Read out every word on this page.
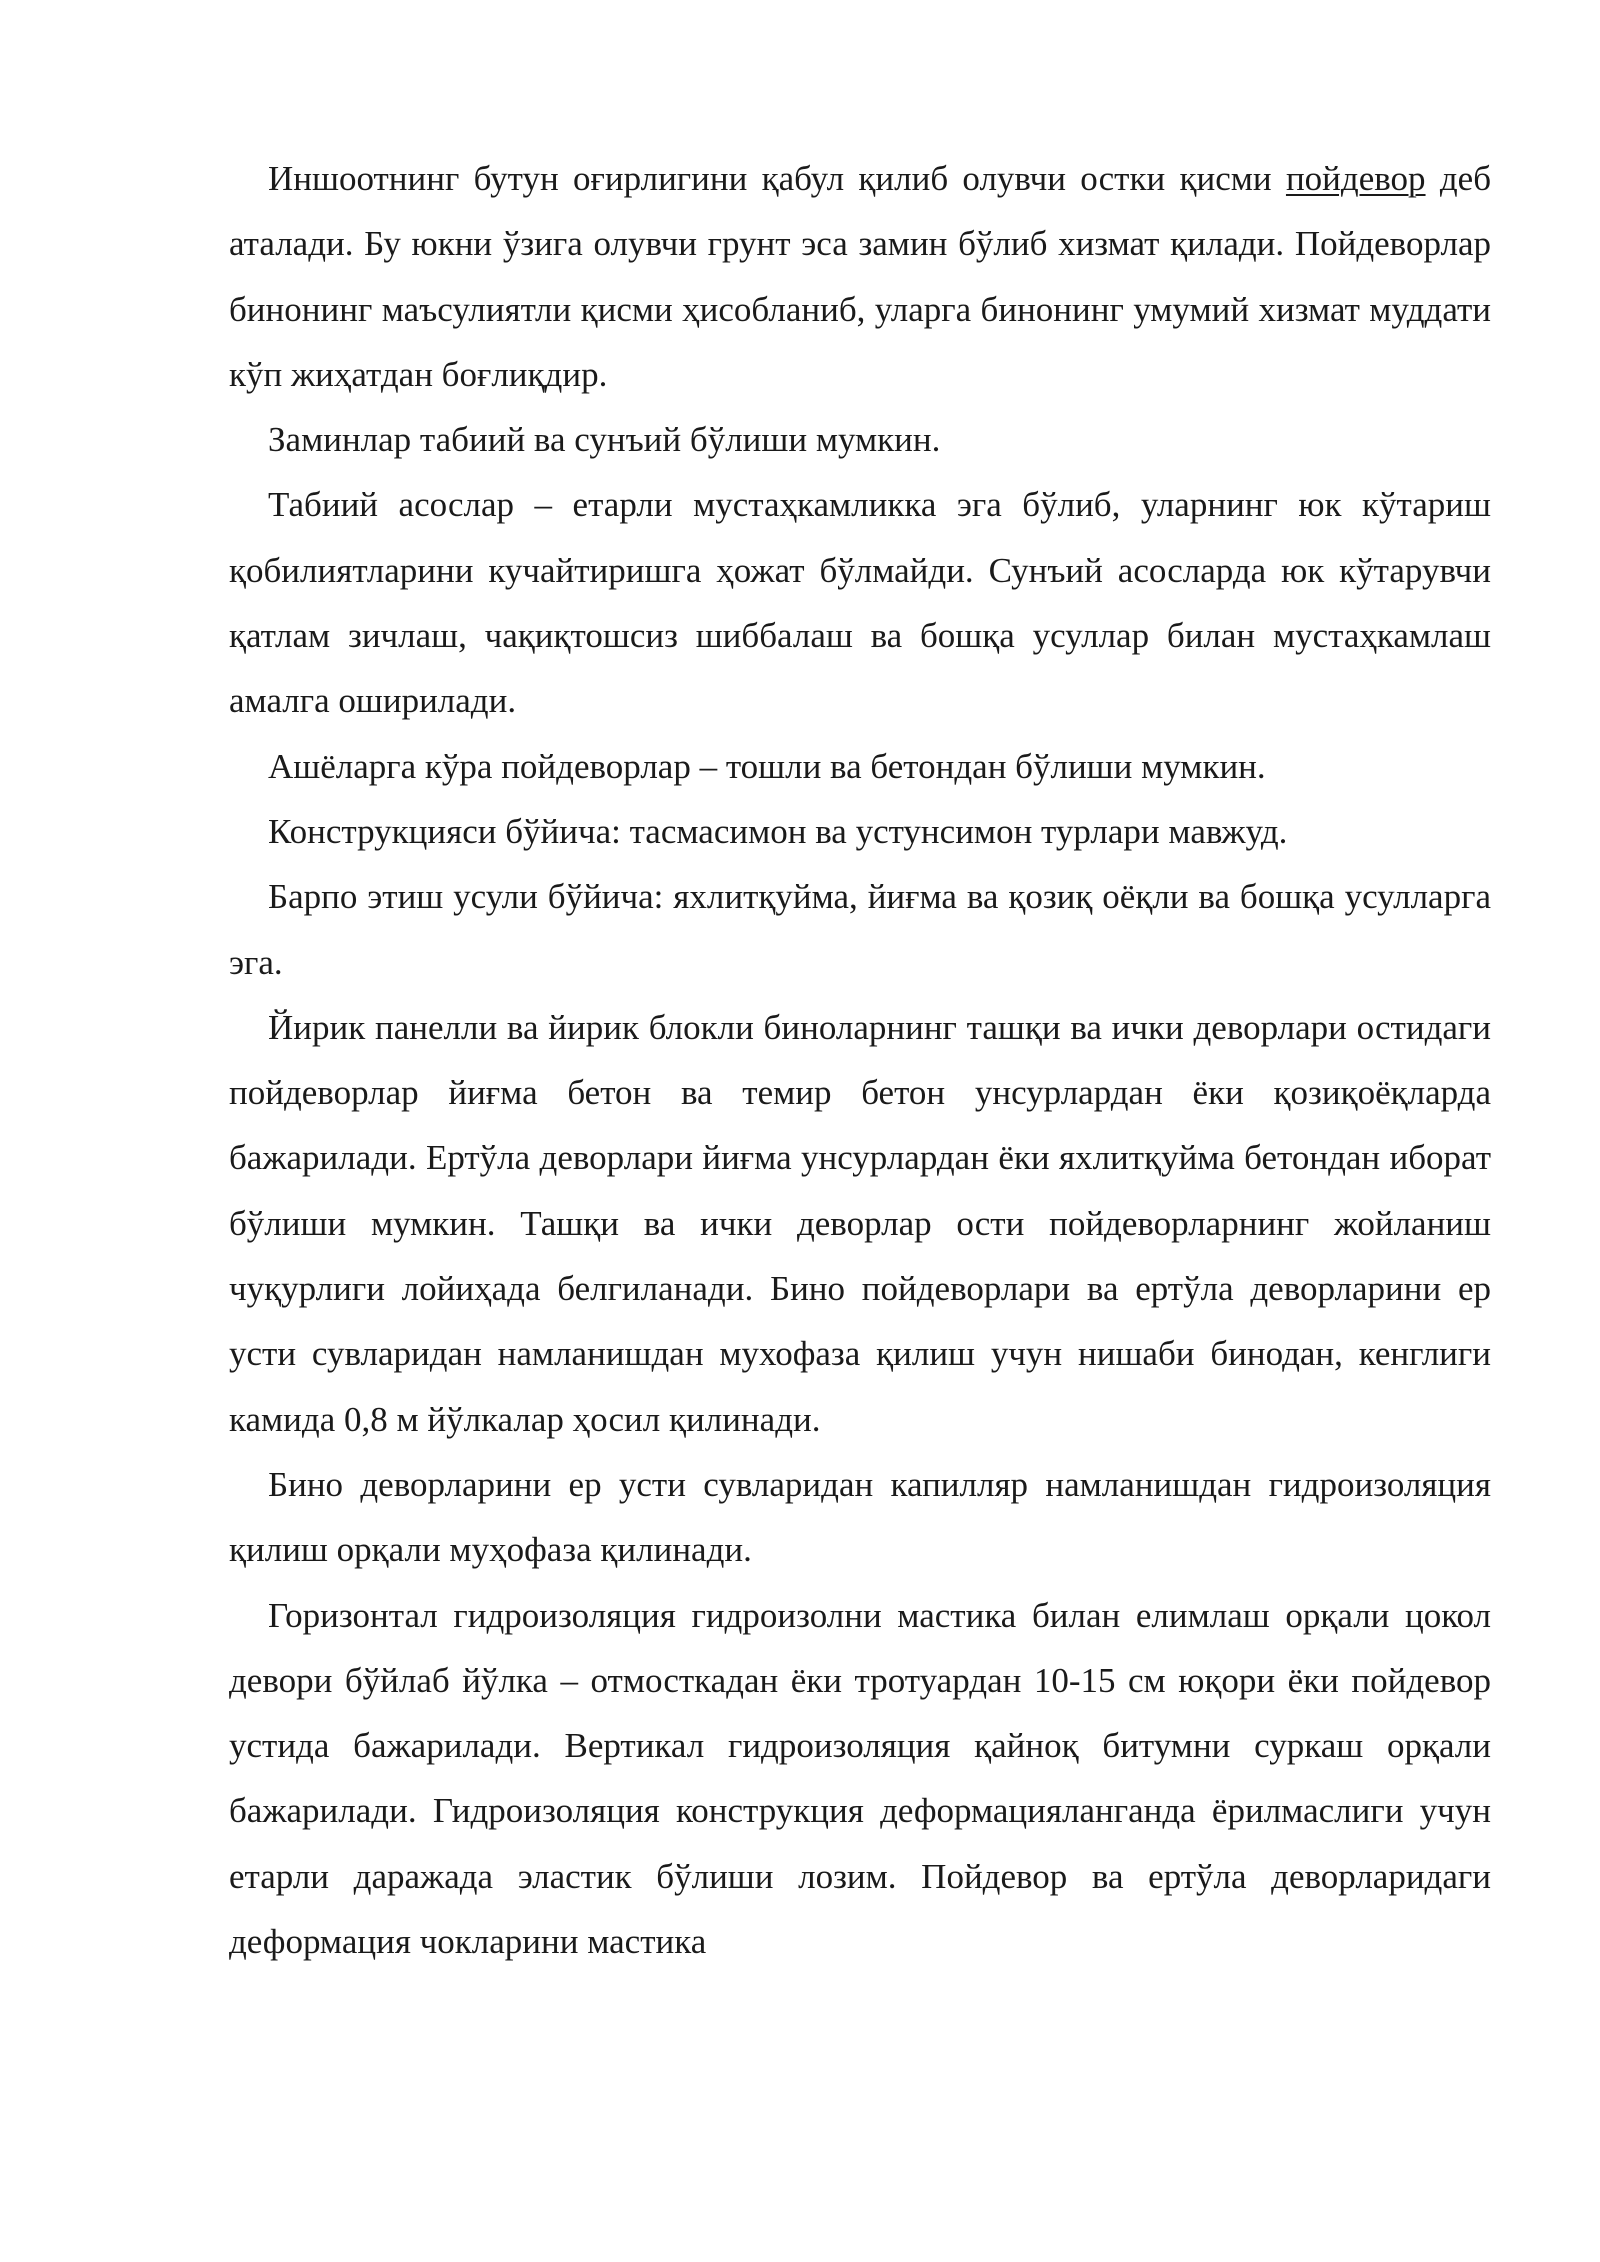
Иншоотнинг бутун оғирлигини қабул қилиб олувчи остки қисми пойдевор деб аталади. Бу юкни ўзига олувчи грунт эса замин бўлиб хизмат қилади. Пойдеворлар бинонинг маъсулиятли қисми ҳисобланиб, уларга бинонинг умумий хизмат муддати кўп жиҳатдан боғлиқдир.

Заминлар табиий ва сунъий бўлиши мумкин.

Табиий асослар – етарли мустаҳкамликка эга бўлиб, уларнинг юк кўтариш қобилиятларини кучайтиришга ҳожат бўлмайди. Сунъий асосларда юк кўтарувчи қатлам зичлаш, чақиқтошсиз шиббалаш ва бошқа усуллар билан мустаҳкамлаш амалга оширилади.

Ашёларга кўра пойдеворлар – тошли ва бетондан бўлиши мумкин.

Конструкцияси бўйича: тасмасимон ва устунсимон турлари мавжуд.

Барпо этиш усули бўйича: яхлитқуйма, йиғма ва қозиқ оёқли ва бошқа усулларга эга.

Йирик панелли ва йирик блокли биноларнинг ташқи ва ички деворлари остидаги пойдеворлар йиғма бетон ва темир бетон унсурлардан ёки қозиқоёқларда бажарилади. Ертўла деворлари йиғма унсурлардан ёки яхлитқуйма бетондан иборат бўлиши мумкин. Ташқи ва ички деворлар ости пойдеворларнинг жойланиш чуқурлиги лойиҳада белгиланади. Бино пойдеворлари ва ертўла деворларини ер усти сувларидан намланишдан мухофаза қилиш учун нишаби бинодан, кенглиги камида 0,8 м йўлкалар ҳосил қилинади.

Бино деворларини ер усти сувларидан капилляр намланишдан гидроизоляция қилиш орқали муҳофаза қилинади.

Горизонтал гидроизоляция гидроизолни мастика билан елимлаш орқали цокол девори бўйлаб йўлка – отмосткадан ёки тротуардан 10-15 см юқори ёки пойдевор устида бажарилади. Вертикал гидроизоляция қайноқ битумни суркаш орқали бажарилади. Гидроизоляция конструкция деформацияланганда ёрилмаслиги учун етарли даражада эластик бўлиши лозим. Пойдевор ва ертўла деворларидаги деформация чокларини мастика
